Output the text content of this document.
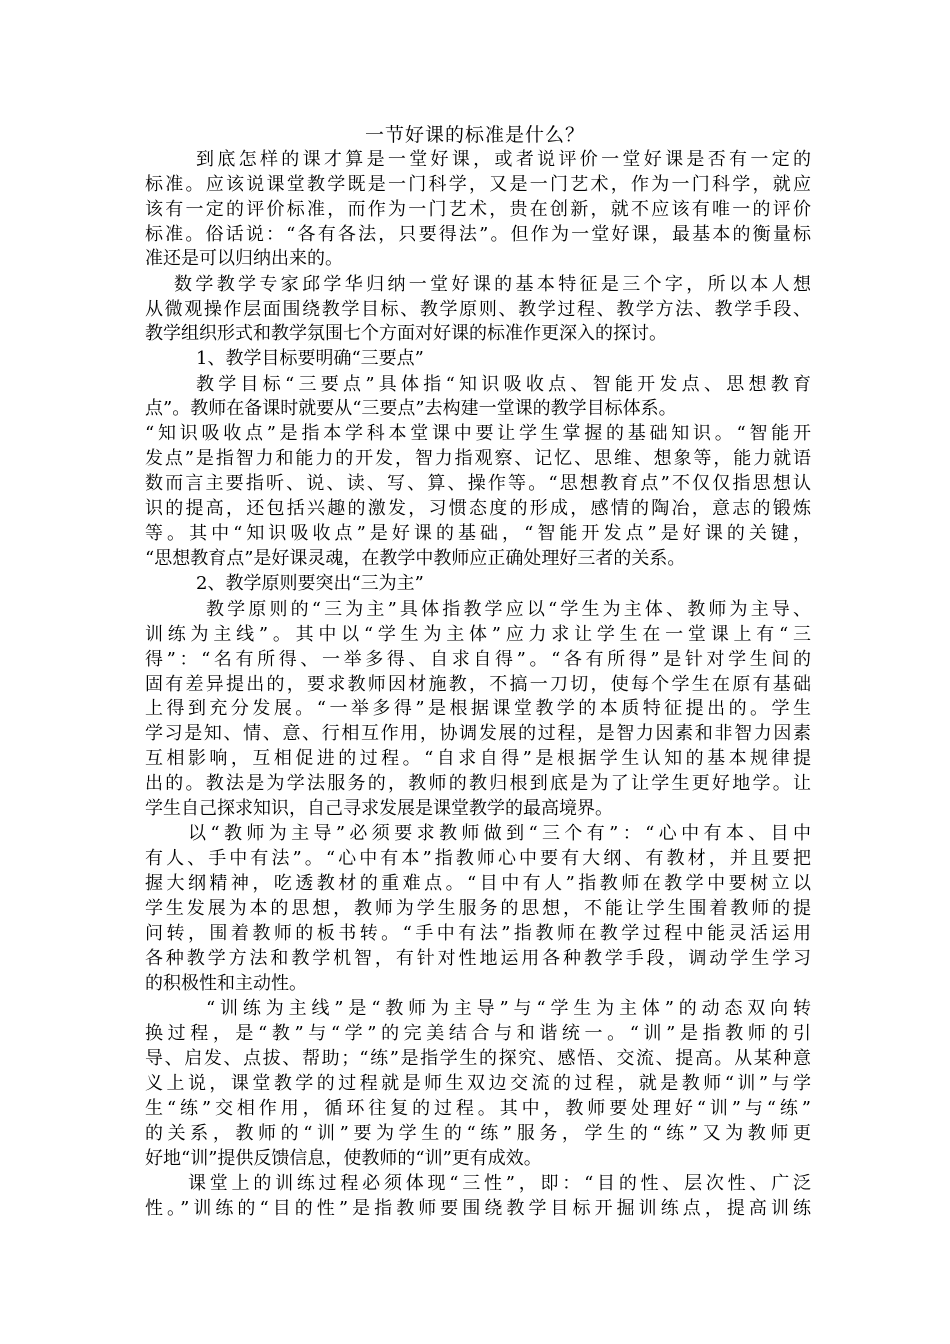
一节好课的标准是什么？
到底怎样的课才算是一堂好课，或者说评价一堂好课是否有一定的
标准。应该说课堂教学既是一门科学，又是一门艺术，作为一门科学，就应
该有一定的评价标准，而作为一门艺术，贵在创新，就不应该有唯一的评价
标准。俗话说：“各有各法，只要得法”。但作为一堂好课，最基本的衡量标
准还是可以归纳出来的。
数学教学专家邱学华归纳一堂好课的基本特征是三个字，所以本人想
从微观操作层面围绕教学目标、教学原则、教学过程、教学方法、教学手段、
教学组织形式和教学氛围七个方面对好课的标准作更深入的探讨。
1、教学目标要明确“三要点”
教学目标“三要点”具体指“知识吸收点、智能开发点、思想教育
点”。教师在备课时就要从“三要点”去构建一堂课的教学目标体系。
“知识吸收点”是指本学科本堂课中要让学生掌握的基础知识。“智能开
发点”是指智力和能力的开发，智力指观察、记忆、思维、想象等，能力就语
数而言主要指听、说、读、写、算、操作等。“思想教育点”不仅仅指思想认
识的提高，还包括兴趣的激发，习惯态度的形成，感情的陶冶，意志的锻炼
等。其中“知识吸收点”是好课的基础，“智能开发点”是好课的关键，
“思想教育点”是好课灵魂，在教学中教师应正确处理好三者的关系。
2、教学原则要突出“三为主”
教学原则的“三为主”具体指教学应以“学生为主体、教师为主导、
训练为主线”。其中以“学生为主体”应力求让学生在一堂课上有“三
得”：“名有所得、一举多得、自求自得”。“各有所得”是针对学生间的
固有差异提出的，要求教师因材施教，不搞一刀切，使每个学生在原有基础
上得到充分发展。“一举多得”是根据课堂教学的本质特征提出的。学生
学习是知、情、意、行相互作用，协调发展的过程，是智力因素和非智力因素
互相影响，互相促进的过程。“自求自得”是根据学生认知的基本规律提
出的。教法是为学法服务的，教师的教归根到底是为了让学生更好地学。让
学生自己探求知识，自己寻求发展是课堂教学的最高境界。
以“教师为主导”必须要求教师做到“三个有”：“心中有本、目中
有人、手中有法”。“心中有本”指教师心中要有大纲、有教材，并且要把
握大纲精神，吃透教材的重难点。“目中有人”指教师在教学中要树立以
学生发展为本的思想，教师为学生服务的思想，不能让学生围着教师的提
问转，围着教师的板书转。“手中有法”指教师在教学过程中能灵活运用
各种教学方法和教学机智，有针对性地运用各种教学手段，调动学生学习
的积极性和主动性。
“训练为主线”是“教师为主导”与“学生为主体”的动态双向转
换过程，是“教”与“学”的完美结合与和谐统一。“训”是指教师的引
导、启发、点拔、帮助；“练”是指学生的探究、感悟、交流、提高。从某种意
义上说，课堂教学的过程就是师生双边交流的过程，就是教师“训”与学
生“练”交相作用，循环往复的过程。其中，教师要处理好“训”与“练”
的关系，教师的“训”要为学生的“练”服务，学生的“练”又为教师更
好地“训”提供反馈信息，使教师的“训”更有成效。
课堂上的训练过程必须体现“三性”，即：“目的性、层次性、广泛
性。”训练的“目的性”是指教师要围绕教学目标开掘训练点，提高训练
